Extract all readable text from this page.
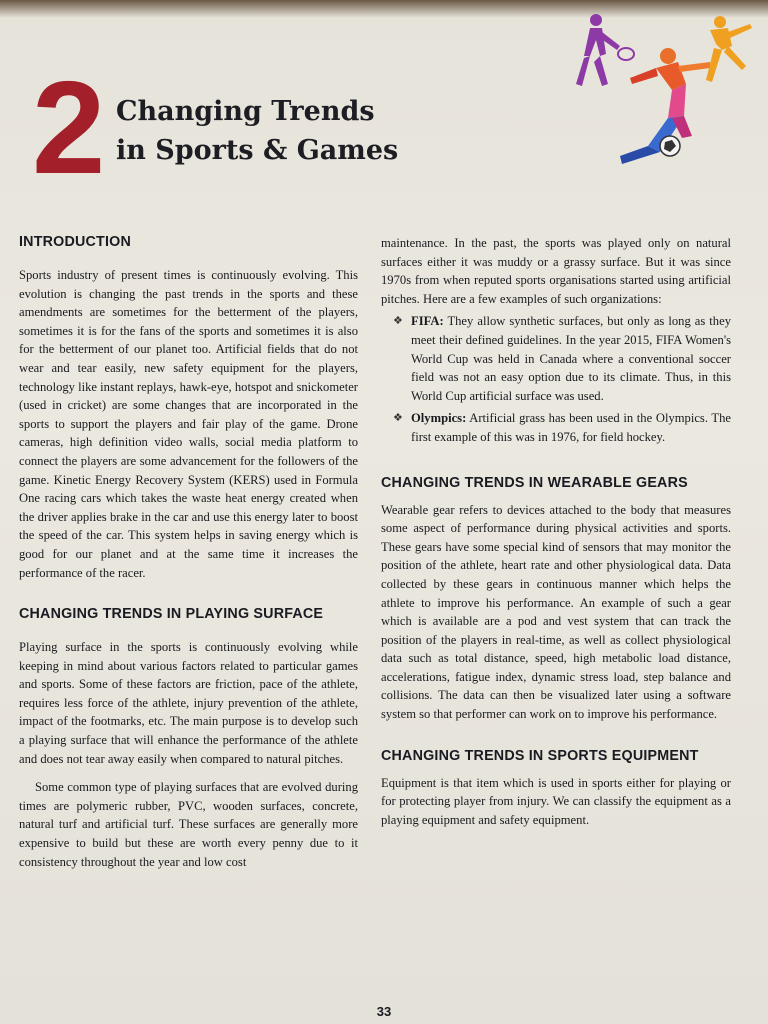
2 Changing Trends
in Sports & Games
INTRODUCTION

Sports industry of present times is continuously evolving. This evolution is changing the past trends in the sports and these amendments are sometimes for the betterment of the players, sometimes it is for the fans of the sports and sometimes it is also for the betterment of our planet too. Artificial fields that do not wear and tear easily, new safety equipment for the players, technology like instant replays, hawk-eye, hotspot and snickometer (used in cricket) are some changes that are incorporated in the sports to support the players and fair play of the game. Drone cameras, high definition video walls, social media platform to connect the players are some advancement for the followers of the game. Kinetic Energy Recovery System (KERS) used in Formula One racing cars which takes the waste heat energy created when the driver applies brake in the car and use this energy later to boost the speed of the car. This system helps in saving energy which is good for our planet and at the same time it increases the performance of the racer.

CHANGING TRENDS IN PLAYING SURFACE

Playing surface in the sports is continuously evolving while keeping in mind about various factors related to particular games and sports. Some of these factors are friction, pace of the athlete, requires less force of the athlete, injury prevention of the athlete, impact of the footmarks, etc. The main purpose is to develop such a playing surface that will enhance the performance of the athlete and does not tear away easily when compared to natural pitches.

Some common type of playing surfaces that are evolved during times are polymeric rubber, PVC, wooden surfaces, concrete, natural turf and artificial turf. These surfaces are generally more expensive to build but these are worth every penny due to it consistency throughout the year and low cost

maintenance. In the past, the sports was played only on natural surfaces either it was muddy or a grassy surface. But it was since 1970s from when reputed sports organisations started using artificial pitches. Here are a few examples of such organizations:

❖ FIFA: They allow synthetic surfaces, but only as long as they meet their defined guidelines. In the year 2015, FIFA Women's World Cup was held in Canada where a conventional soccer field was not an easy option due to its climate. Thus, in this World Cup artificial surface was used.
❖ Olympics: Artificial grass has been used in the Olympics. The first example of this was in 1976, for field hockey.
CHANGING TRENDS IN WEARABLE GEARS

Wearable gear refers to devices attached to the body that measures some aspect of performance during physical activities and sports. These gears have some special kind of sensors that may monitor the position of the athlete, heart rate and other physiological data. Data collected by these gears in continuous manner which helps the athlete to improve his performance. An example of such a gear which is available are a pod and vest system that can track the position of the players in real-time, as well as collect physiological data such as total distance, speed, high metabolic load distance, accelerations, fatigue index, dynamic stress load, step balance and collisions. The data can then be visualized later using a software system so that performer can work on to improve his performance.

CHANGING TRENDS IN SPORTS EQUIPMENT

Equipment is that item which is used in sports either for playing or for protecting player from injury. We can classify the equipment as a playing equipment and safety equipment.

33
